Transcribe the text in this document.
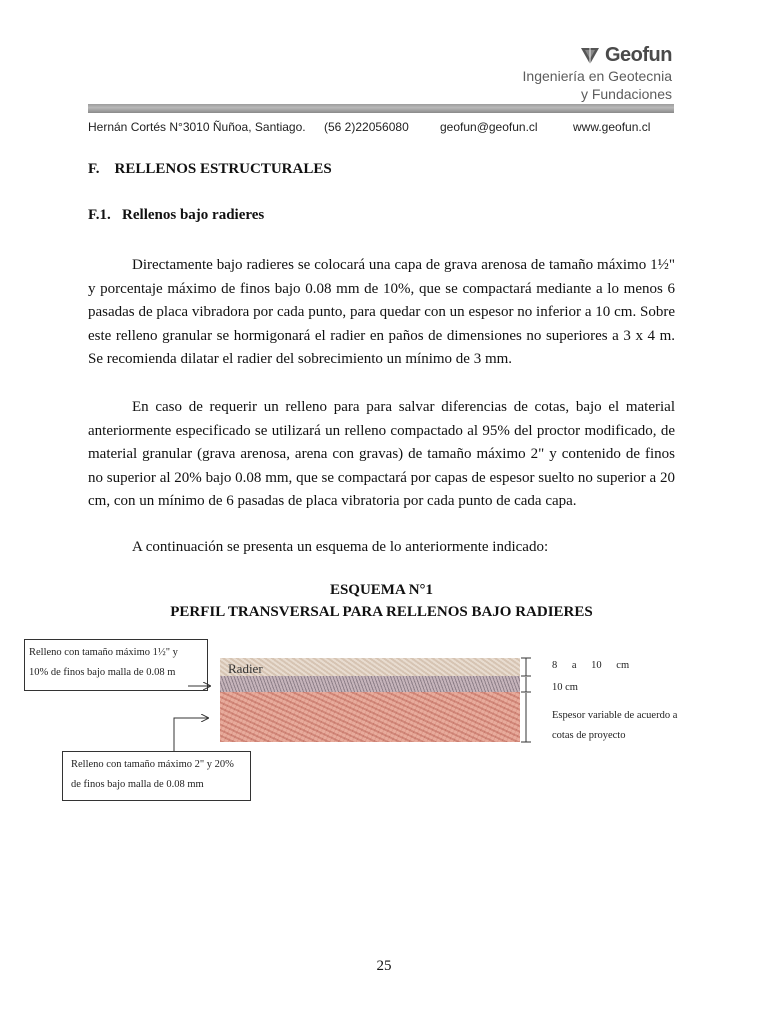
Geofun
Ingeniería en Geotecnia
y Fundaciones
Hernán Cortés N°3010 Ñuñoa, Santiago. (56 2)22056080	geofun@geofun.cl	www.geofun.cl
F.    RELLENOS ESTRUCTURALES
F.1.   Rellenos bajo radieres

Directamente bajo radieres se colocará una capa de grava arenosa de tamaño máximo 1½" y porcentaje máximo de finos bajo 0.08 mm de 10%, que se compactará mediante a lo menos 6 pasadas de placa vibradora por cada punto, para quedar con un espesor no inferior a 10 cm. Sobre este relleno granular se hormigonará el radier en paños de dimensiones no superiores a 3 x 4 m. Se recomienda dilatar el radier del sobrecimiento un mínimo de 3 mm.

En caso de requerir un relleno para para salvar diferencias de cotas, bajo el material anteriormente especificado se utilizará un relleno compactado al 95% del proctor modificado, de material granular (grava arenosa, arena con gravas) de tamaño máximo 2" y contenido de finos no superior al 20% bajo 0.08 mm, que se compactará por capas de espesor suelto no superior a 20 cm, con un mínimo de 6 pasadas de placa vibratoria por cada punto de cada capa.

A continuación se presenta un esquema de lo anteriormente indicado:

ESQUEMA N°1
PERFIL TRANSVERSAL PARA RELLENOS BAJO RADIERES
Relleno con tamaño máximo 1½" y
10% de finos bajo malla de 0.08 m	Radier
Relleno con tamaño máximo 2" y 20%
de finos bajo malla de 0.08 mm
8 a 10 cm
10 cm
Espesor variable de acuerdo a
cotas de proyecto
25
